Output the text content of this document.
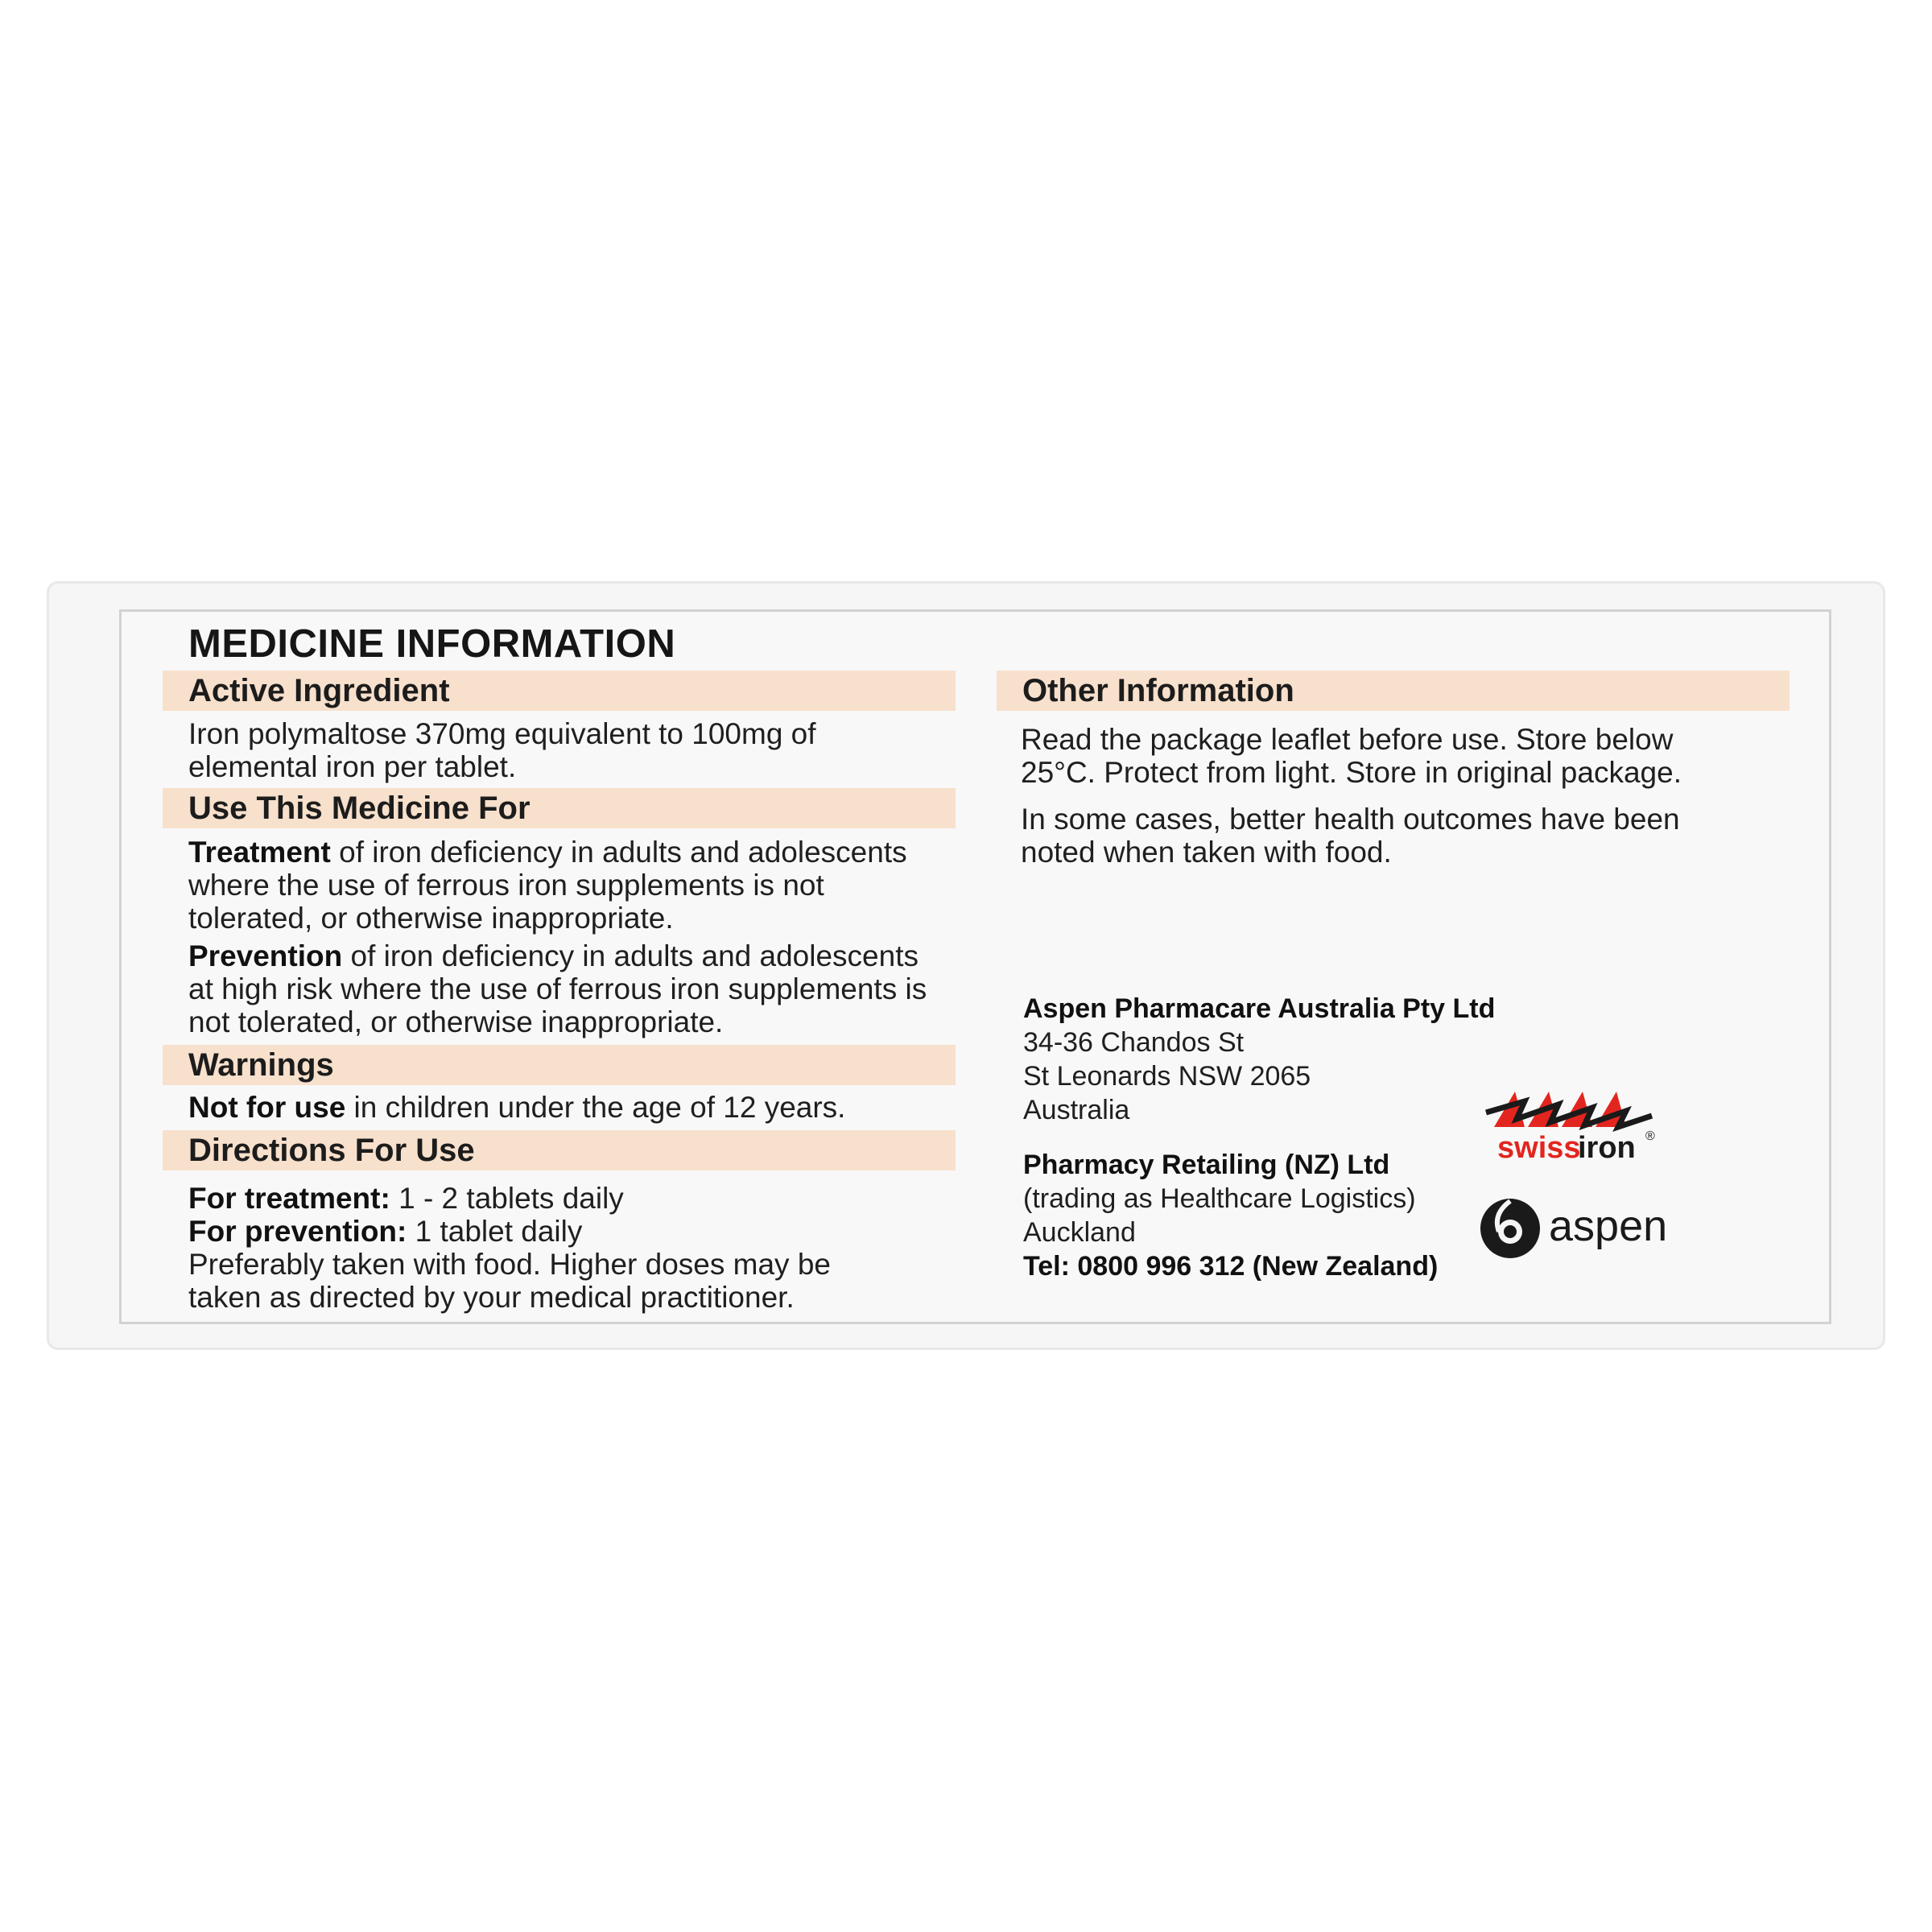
MEDICINE INFORMATION
Active Ingredient
Iron polymaltose 370mg equivalent to 100mg of
elemental iron per tablet.
Use This Medicine For
Treatment of iron deficiency in adults and adolescents
where the use of ferrous iron supplements is not
tolerated, or otherwise inappropriate.
Prevention of iron deficiency in adults and adolescents
at high risk where the use of ferrous iron supplements is
not tolerated, or otherwise inappropriate.
Warnings
Not for use in children under the age of 12 years.
Directions For Use
For treatment: 1 - 2 tablets daily
For prevention: 1 tablet daily
Preferably taken with food. Higher doses may be
taken as directed by your medical practitioner.
Other Information
Read the package leaflet before use. Store below
25°C. Protect from light. Store in original package.
In some cases, better health outcomes have been
noted when taken with food.
Aspen Pharmacare Australia Pty Ltd
34-36 Chandos St
St Leonards NSW 2065
Australia
Pharmacy Retailing (NZ) Ltd
(trading as Healthcare Logistics)
Auckland
Tel: 0800 996 312 (New Zealand)
swiss
iron ®
aspen
